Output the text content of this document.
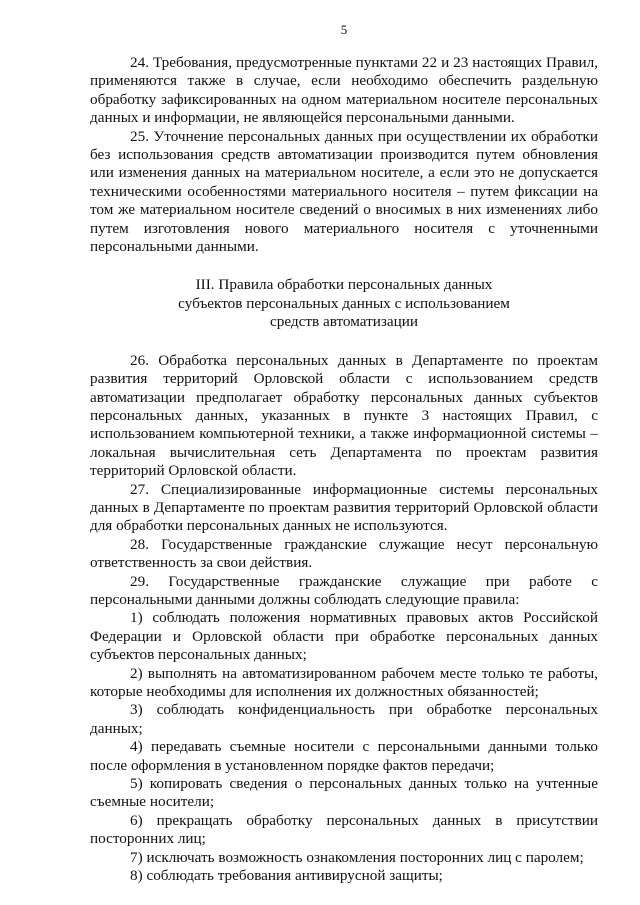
5

24. Требования, предусмотренные пунктами 22 и 23 настоящих Правил, применяются также в случае, если необходимо обеспечить раздельную обработку зафиксированных на одном материальном носителе персональных данных и информации, не являющейся персональными данными.

25. Уточнение персональных данных при осуществлении их обработки без использования средств автоматизации производится путем обновления или изменения данных на материальном носителе, а если это не допускается техническими особенностями материального носителя – путем фиксации на том же материальном носителе сведений о вносимых в них изменениях либо путем изготовления нового материального носителя с уточненными персональными данными.

III. Правила обработки персональных данных
субъектов персональных данных с использованием
средств автоматизации

26. Обработка персональных данных в Департаменте по проектам развития территорий Орловской области с использованием средств автоматизации предполагает обработку персональных данных субъектов персональных данных, указанных в пункте 3 настоящих Правил, с использованием компьютерной техники, а также информационной системы – локальная вычислительная сеть Департамента по проектам развития территорий Орловской области.

27. Специализированные информационные системы персональных данных в Департаменте по проектам развития территорий Орловской области для обработки персональных данных не используются.

28. Государственные гражданские служащие несут персональную ответственность за свои действия.

29. Государственные гражданские служащие при работе с персональными данными должны соблюдать следующие правила:

1) соблюдать положения нормативных правовых актов Российской Федерации и Орловской области при обработке персональных данных субъектов персональных данных;

2) выполнять на автоматизированном рабочем месте только те работы, которые необходимы для исполнения их должностных обязанностей;

3) соблюдать конфиденциальность при обработке персональных данных;

4) передавать съемные носители с персональными данными только после оформления в установленном порядке фактов передачи;

5) копировать сведения о персональных данных только на учтенные съемные носители;

6) прекращать обработку персональных данных в присутствии посторонних лиц;

7) исключать возможность ознакомления посторонних лиц с паролем;

8) соблюдать требования антивирусной защиты;
